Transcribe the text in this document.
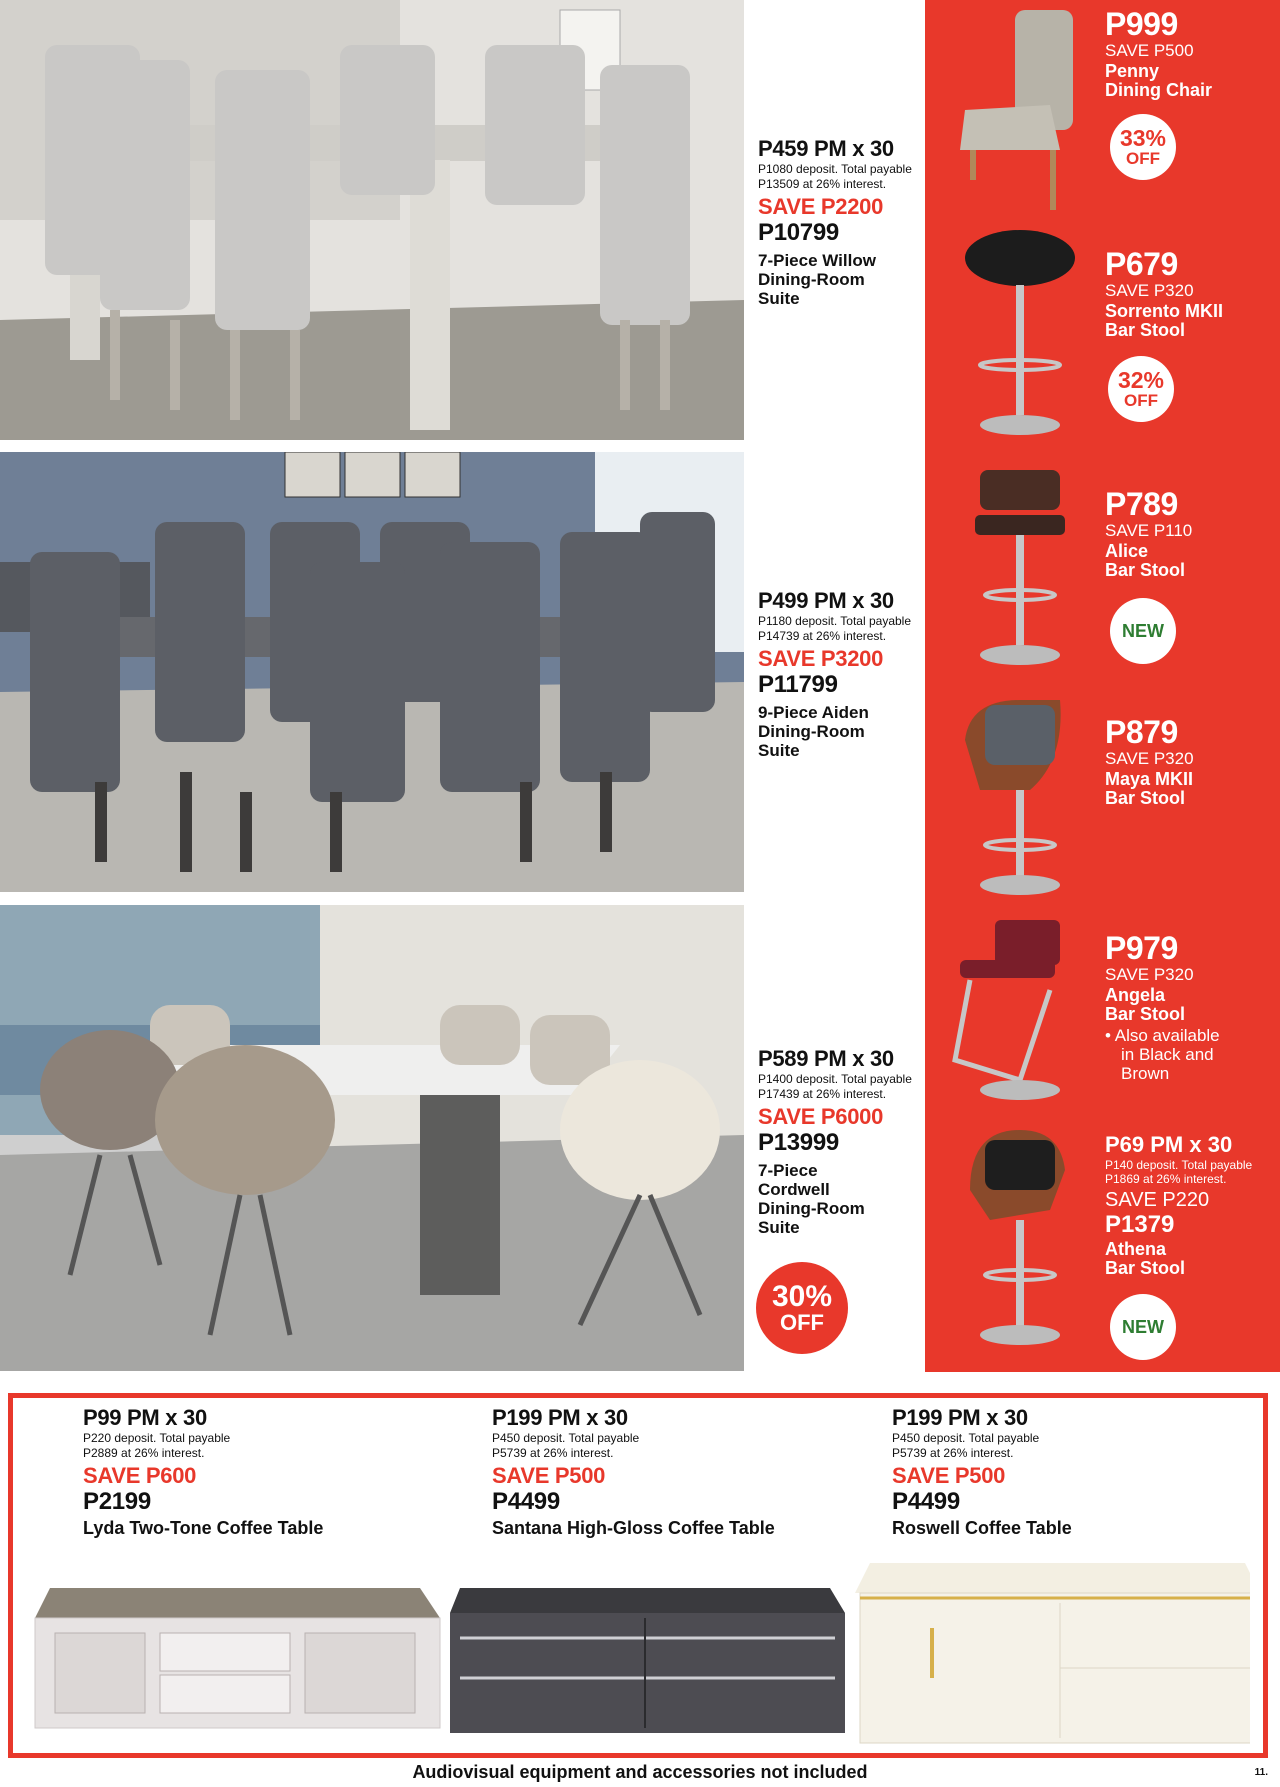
P459 PM x 30
P1080 deposit. Total payable
P13509 at 26% interest.
SAVE P2200
P10799
7-Piece Willow
Dining-Room
Suite
P499 PM x 30
P1180 deposit. Total payable
P14739 at 26% interest.
SAVE P3200
P11799
9-Piece Aiden
Dining-Room
Suite
P589 PM x 30
P1400 deposit. Total payable
P17439 at 26% interest.
SAVE P6000
P13999
7-Piece
Cordwell
Dining-Room
Suite
30%
OFF
P999
SAVE P500
Penny
Dining Chair
33%
OFF
P679
SAVE P320
Sorrento MKII
Bar Stool
32%
OFF
P789
SAVE P110
Alice
Bar Stool
NEW
P879
SAVE P320
Maya MKII
Bar Stool
P979
SAVE P320
Angela
Bar Stool
• Also available
in Black and
Brown
P69 PM x 30
P140 deposit. Total payable
P1869 at 26% interest.
SAVE P220
P1379
Athena
Bar Stool
NEW
P99 PM x 30
P220 deposit. Total payable
P2889 at 26% interest.
SAVE P600
P2199
Lyda Two-Tone Coffee Table
P199 PM x 30
P450 deposit. Total payable
P5739 at 26% interest.
SAVE P500
P4499
Santana High-Gloss Coffee Table
P199 PM x 30
P450 deposit. Total payable
P5739 at 26% interest.
SAVE P500
P4499
Roswell Coffee Table
Audiovisual equipment and accessories not included	11.
